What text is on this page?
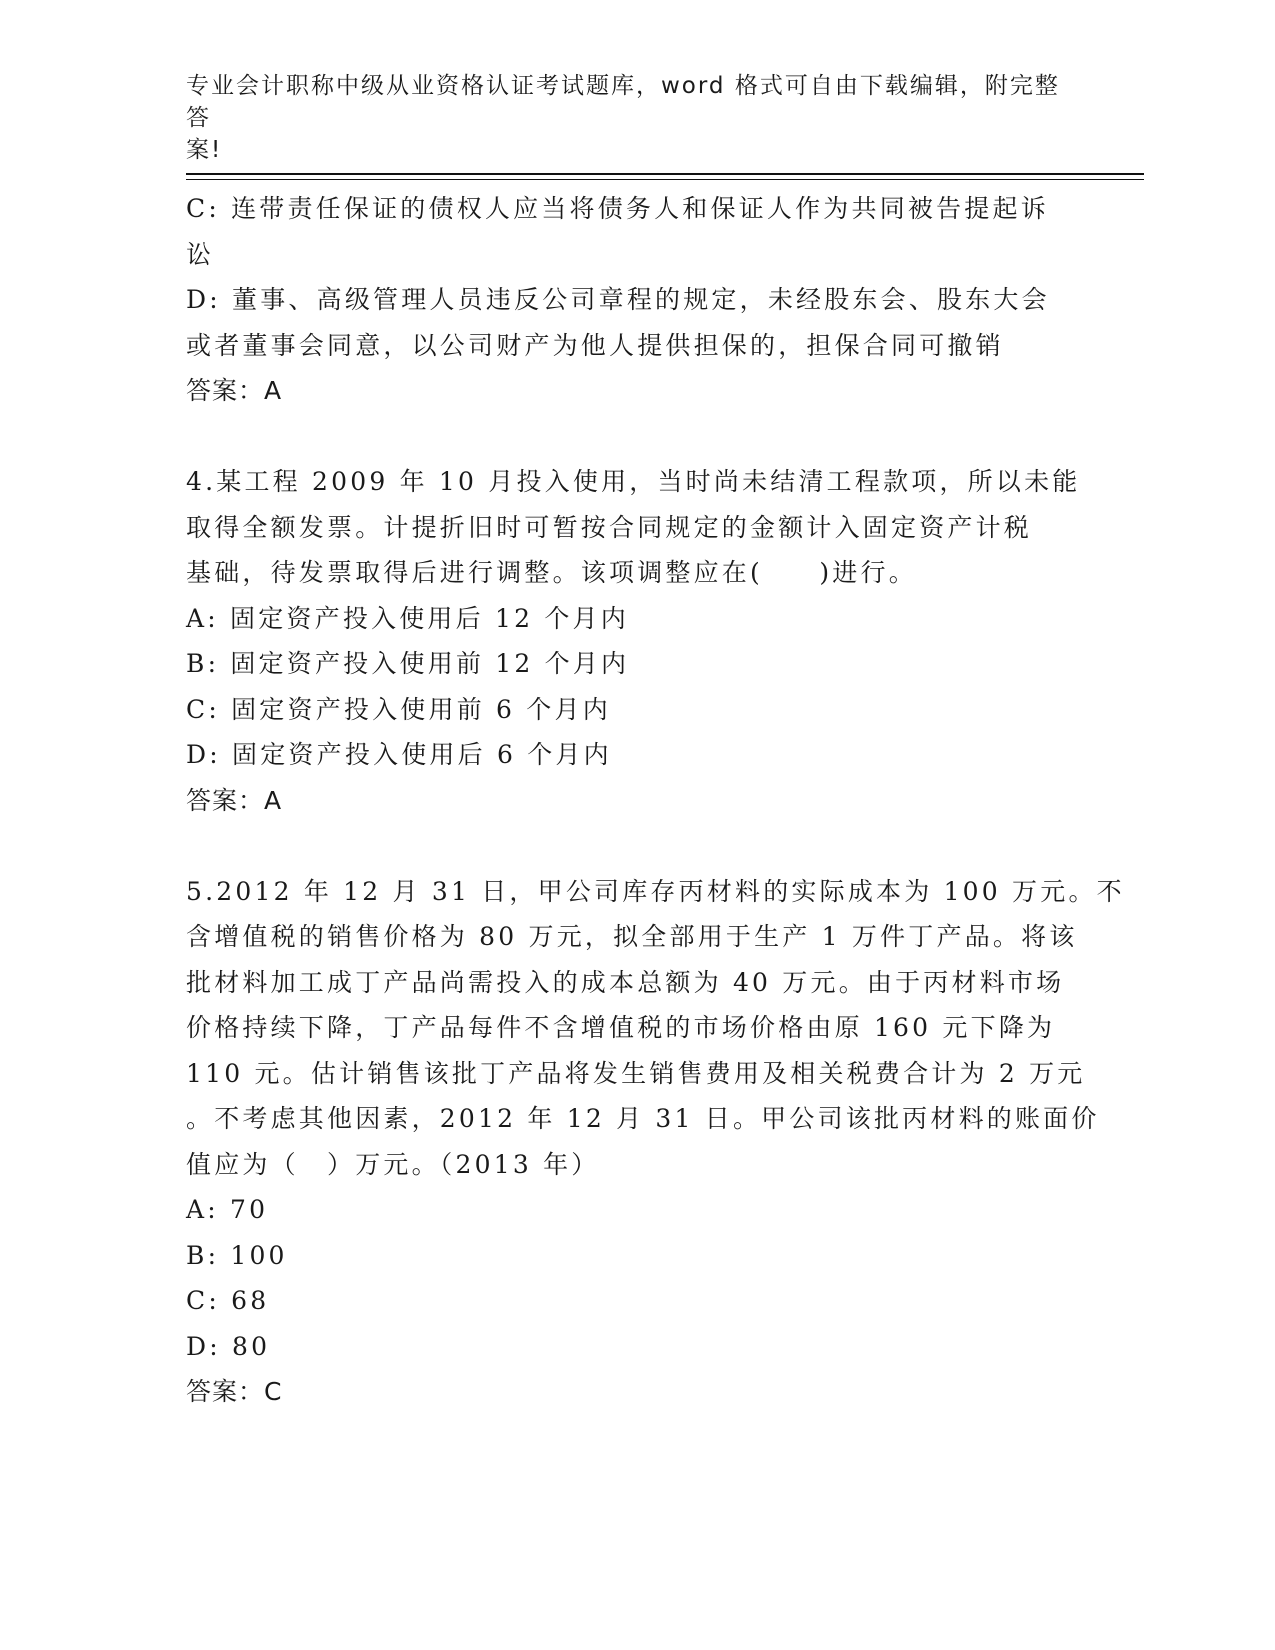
专业会计职称中级从业资格认证考试题库，word 格式可自由下载编辑，附完整答
案!
C: 连带责任保证的债权人应当将债务人和保证人作为共同被告提起诉
讼
D: 董事、高级管理人员违反公司章程的规定，未经股东会、股东大会
或者董事会同意，以公司财产为他人提供担保的，担保合同可撤销
答案：A
4.某工程 2009 年 10 月投入使用，当时尚未结清工程款项，所以未能
取得全额发票。计提折旧时可暂按合同规定的金额计入固定资产计税
基础，待发票取得后进行调整。该项调整应在(　　)进行。
A: 固定资产投入使用后 12 个月内
B: 固定资产投入使用前 12 个月内
C: 固定资产投入使用前 6 个月内
D: 固定资产投入使用后 6 个月内
答案：A
5.2012 年 12 月 31 日，甲公司库存丙材料的实际成本为 100 万元。不
含增值税的销售价格为 80 万元，拟全部用于生产 1 万件丁产品。将该
批材料加工成丁产品尚需投入的成本总额为 40 万元。由于丙材料市场
价格持续下降，丁产品每件不含增值税的市场价格由原 160 元下降为
110 元。估计销售该批丁产品将发生销售费用及相关税费合计为 2 万元
。不考虑其他因素，2012 年 12 月 31 日。甲公司该批丙材料的账面价
值应为（　）万元。（2013 年）
A: 70
B: 100
C: 68
D: 80
答案：C
